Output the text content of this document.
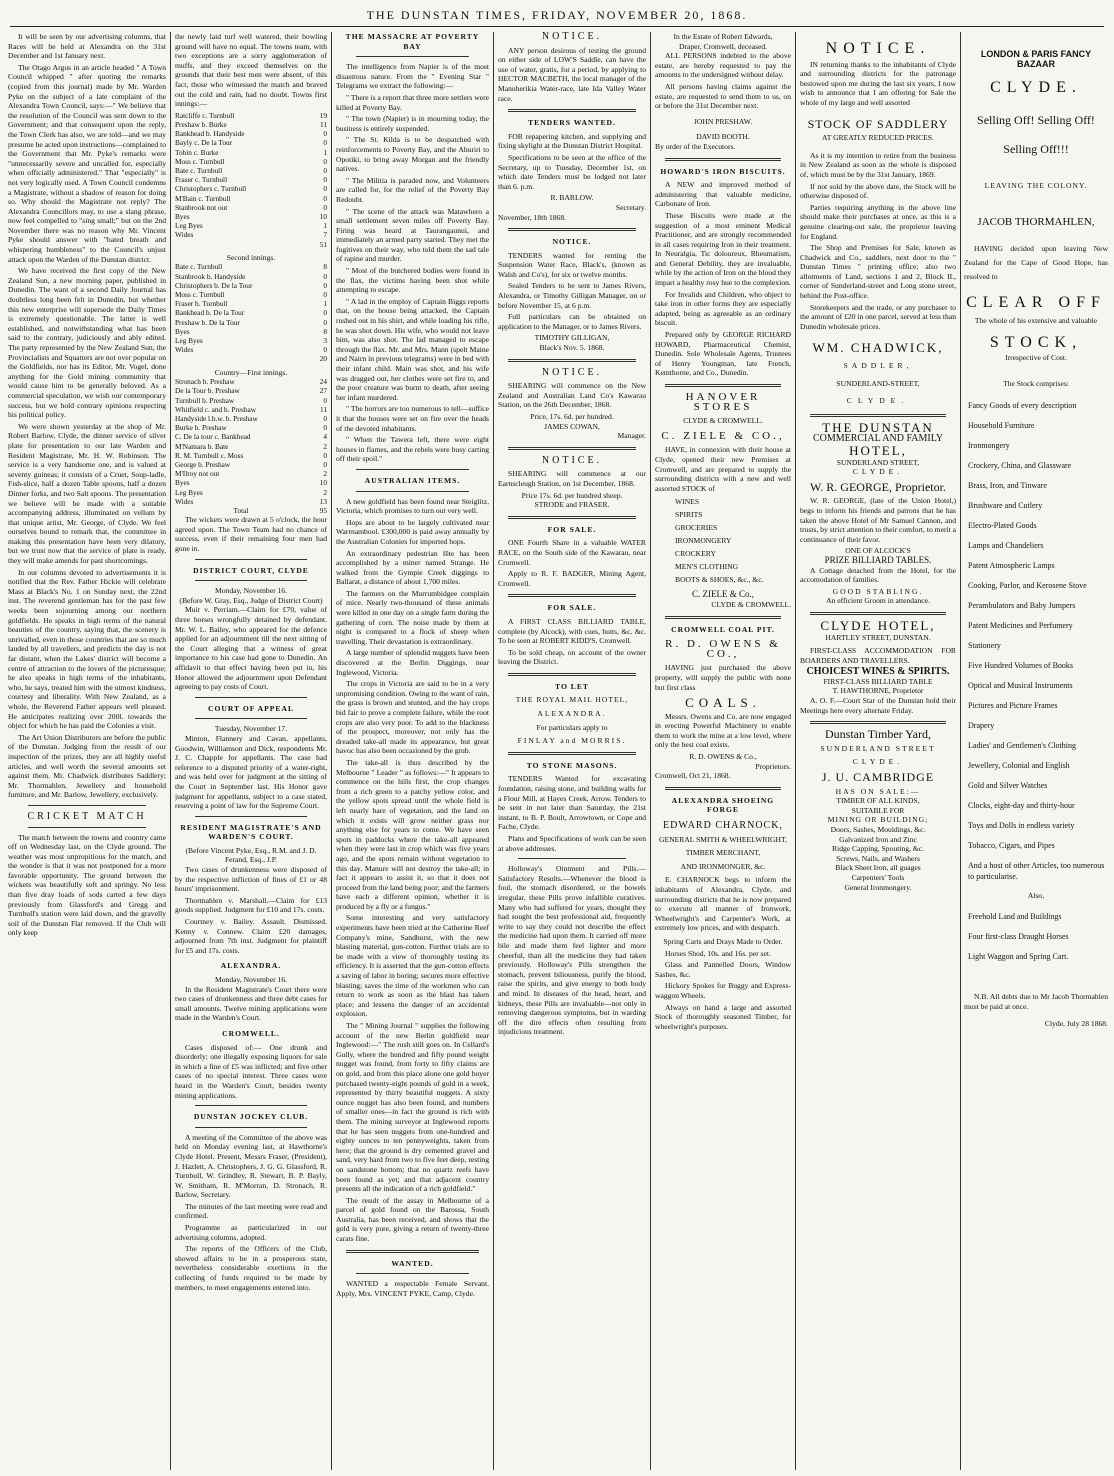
THE DUNSTAN TIMES, FRIDAY, NOVEMBER 20, 1868.

It will be seen by our advertising columns, that Races will be held at Alexandra on the 31st December and 1st January next.

The Otago Argus in an article headed " A Town Council whipped " after quoting the remarks (copied from this journal) made by Mr. Warden Pyke on the subject of a late complaint of the Alexandra Town Council, says:—" We believe that the resolution of the Council was sent down to the Government; and that consequent upon the reply, the Town Clerk has also, we are told—and we may presume he acted upon instructions—complained to the Government that Mr. Pyke's remarks were "unnecessarily severe and uncalled for, especially when officially administered." That "especially" is not very logically used. A Town Council condemns a Magistrate, without a shadow of reason for doing so. Why should the Magistrate not reply? The Alexandra Councillors may, to use a slang phrase, now feel compelled to "sing small;" but on the 2nd November there was no reason why Mr. Vincent Pyke should answer with "bated breath and whispering humbleness" to the Council's unjust attack upon the Warden of the Dunstan district.

We have received the first copy of the New Zealand Sun, a new morning paper, published in Dunedin. The want of a second Daily Journal has doubtless long been felt in Dunedin, but whether this new enterprise will supersede the Daily Times is extremely questionable. The latter is well established, and notwithstanding what has been said to the contrary, judiciously and ably edited. The party represented by the New Zealand Sun, the Provincialists and Squatters are not over popular on the Goldfields, nor has its Editor, Mr. Vogel, done anything for the Gold mining community that would cause him to be generally beloved. As a commercial speculation, we wish our contemporary success, but we hold contrary opinions respecting his political policy.

We were shown yesterday at the shop of Mr. Robert Barlow, Clyde, the dinner service of silver plate for presentation to our late Warden and Resident Magistrate, Mr. H. W. Robinson. The service is a very handsome one, and is valued at seventy guineas; it consists of a Cruet, Soup-ladle, Fish-slice, half a dozen Table spoons, half a dozen Dinner forks, and two Salt spoons. The presentation we believe will be made with a suitable accompanying address, illuminated on vellum by that unique artist, Mr. George, of Clyde. We feel ourselves bound to remark that, the committee in making this presentation have been very dilatory, but we trust now that the service of plate is ready, they will make amends for past shortcomings.

In our columns devoted to advertisements it is notified that the Rev. Father Hickie will celebrate Mass at Black's No. 1 on Sunday next, the 22nd inst. The reverend gentleman has for the past few weeks been sojourning among our northern goldfields. He speaks in high terms of the natural beauties of the country, saying that, the scenery is unrivalled, even in those countries that are so much lauded by all travellers, and predicts the day is not far distant, when the Lakes' district will become a centre of attraction to the lovers of the picturesque; he also speaks in high terms of the inhabitants, who, he says, treated him with the utmost kindness, courtesy and liberality. With New Zealand, as a whole, the Reverend Father appears well pleased. He anticipates realizing over 200l. towards the object for which he has paid the Colonies a visit.

The Art Union Distributors are before the public of the Dunstan. Judging from the result of our inspection of the prizes, they are all highly useful articles, and well worth the several amounts set against them. Mr. Chadwick distributes Saddlery; Mr. Thormahlen, Jewellery and household furniture, and Mr. Barlow, Jewellery, exclusively.

CRICKET MATCH

The match between the towns and country came off on Wednesday last, on the Clyde ground. The weather was most unpropitious for the match, and the wonder is that it was not postponed for a more favorable opportunity. The ground between the wickets was beautifully soft and springy. No less than five dray loads of sods carted a few days previously from Glassford's and Gregg and Turnbull's station were laid down, and the gravelly soil of the Dunstan Flat removed. If the Club will only keep

the newly laid turf well watered, their bowling ground will have no equal. The towns team, with two exceptions are a sorry agglomeration of muffs, and they exceed themselves on the grounds that their best men were absent, of this fact, those who witnessed the match and braved out the cold and rain, had no doubt. Towns first innings:—

Ratcliffe c. Turnbull	19
Preshaw b. Burke	11
Bankhead b. Handyside	0
Bayly c. De la Tour	0
Tobin c. Burke	1
Moss c. Turnbull	0
Bate c. Turnbull	0
Fraser c. Turnbull	0
Christophers c. Turnbull	0
M'Bain c. Turnbull	0
Stanbrook not out	0
Byes	10
Leg Byes	1
Wides	7
	51
Second innings.
Bate c. Turnbull	8
Stanbrook b. Handyside	0
Christophers b. De la Tour	0
Moss c. Turnbull	0
Fraser b. Turnbull	1
Bankhead b. De la Tour	0
Preshaw b. De la Tour	0
Byes	8
Leg Byes	3
Wides	0
	20
Country—First innings.
Stronach b. Preshaw	24
De la Tour b. Preshaw	27
Turnbull b. Preshaw	0
Whitfield c. and b. Preshaw	11
Handyside l.b.w. b. Preshaw	0
Burke b. Preshaw	0
C. De la tour c. Bankhead	4
M'Namara b. Bate	2
R. M. Turnbull c. Moss	0
George b. Preshaw	0
M'Ilroy not out	2
Byes	10
Leg Byes	2
Wides	13
Total	95

The wickets were drawn at 5 o'clock, the hour agreed upon. The Town Team had no chance of success, even if their remaining four men had gone in.

DISTRICT COURT, CLYDE
Monday, November 16.
(Before W. Gray, Esq., Judge of District Court)

Muir v. Perriam.—Claim for £70, value of three horses wrongfully detained by defendant. Mr. W. L. Bailey, who appeared for the defence applied for an adjournment till the next sitting of the Court alleging that a witness of great importance to his case had gone to Dunedin. An affidavit to that effect having been put in, his Honor allowed the adjournment upon Defendant agreeing to pay costs of Court.

COURT OF APPEAL
Tuesday, November 17.

Minton, Flannery and Cavan, appellants, Goodwin, Williamson and Dick, respondents Mr. J. C. Chapple for appellants. The case had reference to a disputed priority of a water-right, and was held over for judgment at the sitting of the Court in September last. His Honor gave judgment for appellants, subject to a case stated, reserving a point of law for the Supreme Court.

RESIDENT MAGISTRATE'S AND WARDEN'S COURT.
(Before Vincent Pyke, Esq., R.M. and J. D. Ferand, Esq., J.P.

Two cases of drunkenness were disposed of by the respective infliction of fines of £1 or 48 hours' imprisonment.

Thormahlen v. Marshall.—Claim for £13 goods supplied. Judgment for £10 and 17s. costs.

Courtney v. Bailey. Assault. Dismissed. Kenny v. Connew. Claim £20 damages, adjourned from 7th inst. Judgment for plaintiff for £5 and 17s. costs.

ALEXANDRA.
Monday, November 16.

In the Resident Magistrate's Court there were two cases of drunkenness and three debt cases for small amounts. Twelve mining applications were made in the Warden's Court.

CROMWELL.

Cases disposed of:— One drunk and disorderly; one illegally exposing liquors for sale in which a fine of £5 was inflicted; and five other cases of no special interest. Three cases were heard in the Warden's Court, besides twenty mining applications.

DUNSTAN JOCKEY CLUB.

A meeting of the Committee of the above was held on Monday evening last, at Hawthorne's Clyde Hotel. Present, Messrs Fraser, (President), J. Hazlett, A. Christophers, J. G. G. Glassford, R. Turnbull, W. Grindley, R. Stewart, B. P. Bayly, W. Smitham, R. M'Morran, D. Stronach, R. Barlow, Secretary.

The minutes of the last meeting were read and confirmed.

Programme as particularized in our advertising columns, adopted.

The reports of the Officers of the Club, showed affairs to be in a prosperous state, nevertheless considerable exertions in the collecting of funds required to be made by members, to meet engagements entered into.

THE MASSACRE AT POVERTY BAY

The intelligence from Napier is of the most disastrous nature. From the " Evening Star " Telegrams we extract the following:—

" There is a report that three more settlers were killed at Poverty Bay.

" The town (Napier) is in mourning today, the business is entirely suspended.

" The St. Kilda is to be despatched with reinforcements to Poverty Bay, and the Ahuriri to Opotiki, to bring away Morgan and the friendly natives.

" The Militia is paraded now, and Volunteers are called for, for the relief of the Poverty Bay Redoubt.

" The scene of the attack was Matawhero a small settlement seven miles off Poverty Bay. Firing was heard at Taurangaunui, and immediately an armed party started. They met the fugitives on their way, who told them the sad tale of rapine and murder.

" Most of the butchered bodies were found in the flax, the victims having been shot while attempting to escape.

" A lad in the employ of Captain Biggs reports that, on the house being attacked, the Captain rushed out in his shirt, and while loading his rifle, he was shot down. His wife, who would not leave him, was also shot. The lad managed to escape through the flax. Mr. and Mrs. Mann (spelt Maine and Nairn in previous telegrams) were in bed with their infant child. Main was shot, and his wife was dragged out, her clothes were set fire to, and the poor creature was burnt to death, after seeing her infant murdered.

" The horrors are too numerous to tell—suffice it that the houses were set on fire over the heads of the devoted inhabitants.

" When the Tawera left, there were eight houses in flames, and the rebels were busy carting off their spoil."

AUSTRALIAN ITEMS.

A new goldfield has been found near Steiglitz, Victoria, which promises to turn out very well.

Hops are about to be largely cultivated near Warrnambool. £300,000 is paid away annually by the Australian Colonies for imported hops.

An extraordinary pedestrian fête has been accomplished by a miner named Strange. He walked from the Gympie Creek diggings to Ballarat, a distance of about 1,700 miles.

The farmers on the Murrumbidgee complain of mice. Nearly two-thousand of these animals were killed in one day on a single farm during the gathering of corn. The noise made by them at night is compared to a flock of sheep when travelling. Their devastation is extraordinary.

A large number of splendid nuggets have been discovered at the Berlin Diggings, near Inglewood, Victoria.

The crops in Victoria are said to be in a very unpromising condition. Owing to the want of rain, the grass is brown and stunted, and the hay crops bid fair to prove a complete failure, while the root crops are also very poor. To add to the blackness of the prospect, moreover, not only has the dreaded take-all made its appearance, but great havoc has also been occasioned by the grub.

The take-all is thus described by the Melbourne " Leader " as follows:—" It appears to commence on the hills first, the crop changes from a rich green to a patchy yellow color, and the yellow spots spread until the whole field is left nearly bare of vegetation, and the land on which it exists will grow neither grass nor anything else for years to come. We have seen spots in paddocks where the take-all appeared when they were last in crop which was five years ago, and the spots remain without vegetation to this day. Manure will not destroy the take-all; in fact it appears to assist it, so that it does not proceed from the land being poor; and the farmers have each a different opinion, whether it is produced by a fly or a fungus."

Some interesting and very satisfactory experiments have been tried at the Catherine Reef Company's mine, Sandhurst, with the new blasting material, gun-cotton. Further trials are to be made with a view of thoroughly testing its efficiency. It is asserted that the gun-cotton effects a saving of labor in boring; secures more effective blasting; saves the time of the workmen who can return to work as soon as the blast has taken place; and lessens the danger of an accidental explosion.

The " Mining Journal " supplies the following account of the new Berlin goldfield near Inglewood:—" The rush still goes on. In Cellard's Gully, where the hundred and fifty pound weight nugget was found, from forty to fifty claims are on gold, and from this place alone one gold buyer purchased twenty-eight pounds of gold in a week, represented by thirty beautiful nuggets. A sixty ounce nugget has also been found, and numbers of smaller ones—in fact the ground is rich with them. The mining surveyor at Inglewood reports that he has seen nuggets from one-hundred and eighty ounces to ten pennyweights, taken from here; that the ground is dry cemented gravel and sand, very hard from two to five feet deep, resting on sandstone bottom; that no quartz reefs have been found as yet; and that adjacent country presents all the indication of a rich goldfield."

The result of the assay in Melbourne of a parcel of gold found on the Barossa, South Australia, has been received, and shows that the gold is very pure, giving a return of twenty-three carats fine.

WANTED.

WANTED a respectable Female Servant. Apply, Mrs. VINCENT PYKE, Camp, Clyde.

NOTICE.

ANY person desirous of testing the ground on either side of LOW'S Saddle, can have the use of water, gratis, for a period, by applying to HECTOR MACBETH, the local manager of the Manuherikia Water-race, late Ida Valley Water race.

TENDERS WANTED.

FOR repapering kitchen, and supplying and fixing skylight at the Dunstan District Hospital.

Specifications to be seen at the office of the Secretary, up to Tuesday, December 1st, on which date Tenders must be lodged not later than 6. p.m.

R. BARLOW.
Secretary.
November, 18th 1868.
NOTICE.

TENDERS wanted for renting the Suspension Water Race, Black's, (known as Walsh and Co's), for six or twelve months.

Sealed Tenders to be sent to James Rivers, Alexandra, or Timothy Gilligan Manager, on or before November 15, at 6 p.m.

Full particulars can be obtained on application to the Manager, or to James Rivers.

TIMOTHY GILLIGAN,
Black's Nov. 5. 1868.
NOTICE.

SHEARING will commence on the New Zealand and Australian Land Co's Kawarau Station, on the 26th December, 1868.

Price, 17s. 6d. per hundred.
JAMES COWAN,
Manager.
NOTICE.

SHEARING will commence at our Earnscleugh Station, on 1st December, 1868.

Price 17s. 6d. per hundred sheep.
STRODE and FRASER.
FOR SALE.

ONE Fourth Share in a valuable WATER RACE, on the South side of the Kawarau, near Cromwell.

Apply to R. F. BADGER, Mining Agent, Cromwell.

FOR SALE.

A FIRST CLASS BILLIARD TABLE, complete (by Alcock), with cues, butts, &c. &c. To be seen at ROBERT KIDD'S, Cromwell.

To be sold cheap, on account of the owner leaving the District.

TO LET
THE ROYAL MAIL HOTEL,
ALEXANDRA.
For particulars apply to
FINLAY and MORRIS.
TO STONE MASONS.

TENDERS Wanted for excavating foundation, raising stone, and building walls for a Flour Mill, at Hayes Creek, Arrow. Tenders to be sent in not later than Saturday, the 21st instant, to B. P. Boult, Arrowtown, or Cope and Fache, Clyde.

Plans and Specifications of work can be seen at above addresses.

Holloway's Ointment and Pills.—Satisfactory Results.—Whenever the blood is foul, the stomach disordered, or the bowels irregular, these Pills prove infallible curatives. Many who had suffered for years, thought they had sought the best professional aid, frequently write to say they could not describe the effect the medicine had upon them. It carried off more bile and made them feel lighter and more cheerful, than all the medicine they had taken previously. Holloway's Pills strengthen the stomach, prevent biliousness, purify the blood, raise the spirits, and give energy to both body and mind. In diseases of the head, heart, and kidneys, these Pills are invaluable—not only in removing dangerous symptoms, but in warding off the dire effects often resulting from injudicious treatment.

In the Estate of Robert Edwards,
Draper, Cromwell, deceased.

ALL PERSONS indebted to the above estate, are hereby requested to pay the amounts to the undersigned without delay.

All persons having claims against the estate, are requested to send them to us, on or before the 31st December next.

JOHN PRESHAW.
DAVID BOOTH.
By order of the Executors.
HOWARD'S IRON BISCUITS.

A NEW and improved method of administering that valuable medicine, Carbonate of Iron.

These Biscuits were made at the suggestion of a most eminent Medical Practitioner, and are strongly recommended in all cases requiring Iron in their treatment. In Neuralgia, Tic doloureux, Rheumatism, and General Debility, they are invaluable, while by the action of Iron on the blood they impart a healthy rosy hue to the complexion.

For Invalids and Children, who object to take iron in other forms they are especially adapted, being as agreeable as an ordinary biscuit.

Prepared only by GEORGE RICHARD HOWARD, Pharmaceutical Chemist, Dunedin. Sole Wholesale Agents, Trustees of Henry Youngman, late French, Kemthorne, and Co., Dunedin.

HANOVER STORES
CLYDE & CROMWELL.
C. ZIELE & CO.,

HAVE, in connexion with their house at Clyde, opened their new Premises at Cromwell, and are prepared to supply the surrounding districts with a new and well assorted STOCK of

WINES
SPIRITS
GROCERIES
IRONMONGERY
CROCKERY
MEN'S CLOTHING
BOOTS & SHOES, &c., &c.
C. ZIELE & Co.,
CLYDE & CROMWELL.
CROMWELL COAL PIT.
R. D. OWENS & CO.,

HAVING just purchased the above property, will supply the public with none but first class

COALS.

Messrs. Owens and Co. are now engaged in erecting Powerful Machinery to enable them to work the mine at a low level, where only the best coal exists.

R. D. OWENS & Co.,
Proprietors.
Cromwell, Oct 21, 1868.
ALEXANDRA SHOEING FORGE
EDWARD CHARNOCK,
GENERAL SMITH & WHEELWRIGHT,
TIMBER MERCHANT,
AND IRONMONGER, &c.

E. CHARNOCK begs to inform the inhabitants of Alexandra, Clyde, and surrounding districts that he is now prepared to execute all manner of Ironwork, Wheelwright's and Carpenter's Work, at extremely low prices, and with despatch.

Spring Carts and Drays Made to Order.

Horses Shod, 10s. and 16s. per set.

Glass and Pannelled Doors, Window Sashes, &c.

Hickory Spokes for Buggy and Express-waggon Wheels.

Always on hand a large and assorted Stock of thoroughly seasoned Timber, for wheelwright's purposes.

NOTICE.

IN returning thanks to the inhabitants of Clyde and surrounding districts for the patronage bestowed upon me during the last six years, I now wish to announce that I am offering for Sale the whole of my large and well assorted

STOCK OF SADDLERY
AT GREATLY REDUCED PRICES.

As it is my intention to retire from the business in New Zealand as soon as the whole is disposed of, which must be by the 31st January, 1869.

If not sold by the above date, the Stock will be otherwise disposed of.

Parties requiring anything in the above line should make their purchases at once, as this is a genuine clearing-out sale, the proprietor leaving for England.

The Shop and Premises for Sale, known as Chadwick and Co., saddlers, next door to the " Dunstan Times " printing office; also two allotments of Land, sections 1 and 2, Block II., corner of Sunderland-street and Long stone street, behind the Post-office.

Storekeepers and the trade, or any purchaser to the amount of £20 in one parcel, served at less than Dunedin wholesale prices.

WM. CHADWICK,
SADDLER,
SUNDERLAND-STREET,
CLYDE.
THE DUNSTAN
COMMERCIAL AND FAMILY
HOTEL,
SUNDERLAND STREET,
CLYDE.
W. R. GEORGE, Proprietor.

W. R. GEORGE, (late of the Union Hotel,) begs to inform his friends and patrons that he has taken the above Hotel of Mr Samuel Cannon, and trusts, by strict attention to their comfort, to merit a continuance of their favor.

ONE OF ALCOCK'S
PRIZE BILLIARD TABLES.

A Cottage detached from the Hotel, for the accomodation of families.

GOOD STABLING.
An efficient Groom in attendance.
CLYDE HOTEL,
HARTLEY STREET, DUNSTAN.

FIRST-CLASS ACCOMMODATION FOR BOARDERS AND TRAVELLERS.

CHOICEST WINES & SPIRITS.
FIRST-CLASS BILLIARD TABLE
T. HAWTHORNE, Proprietor

A. O. F.—Court Star of the Dunstan hold their Meetings here every alternate Friday.

Dunstan Timber Yard,
SUNDERLAND STREET
CLYDE.
J. U. CAMBRIDGE
HAS ON SALE:—
TIMBER OF ALL KINDS,
SUITABLE FOR
MINING OR BUILDING;
Doors, Sashes, Mouldings, &c.
Galvanized Iron and Zinc
Ridge Capping, Spouting, &c.
Screws, Nails, and Washers
Black Sheet Iron, all guages
Carpenters' Tools
General Ironmongery.
LONDON & PARIS FANCY BAZAAR
CLYDE.
Selling Off! Selling Off!
Selling Off!!!
LEAVING THE COLONY.
JACOB THORMAHLEN,

HAVING decided upon leaving New Zealand for the Cape of Good Hope, has resolved to

CLEAR OFF
The whole of his extensive and valuable
STOCK,
Irrespective of Cost.
The Stock comprises:
Fancy Goods of every description
Household Furniture
Ironmongery
Crockery, China, and Glassware
Brass, Iron, and Tinware
Brushware and Cutlery
Electro-Plated Goods
Lamps and Chandeliers
Patent Atmospheric Lamps
Cooking, Parlor, and Kerosene Stove
Perambulators and Baby Jumpers
Patent Medicines and Perfumery
Stationery
Five Hundred Volumes of Books
Optical and Musical Instruments
Pictures and Picture Frames
Drapery
Ladies' and Gentlemen's Clothing
Jewellery, Colonial and English
Gold and Silver Watches
Clocks, eight-day and thirty-hour
Toys and Dolls in endless variety
Tobacco, Cigars, and Pipes
And a host of other Articles, too numerous to particularise.
Also,
Freehold Land and Buildings
Four first-class Draught Horses
Light Waggon and Spring Cart.

N.B. All debts due to Mr Jacob Thormahlen must be paid at once.

Clyde, July 28 1868.
